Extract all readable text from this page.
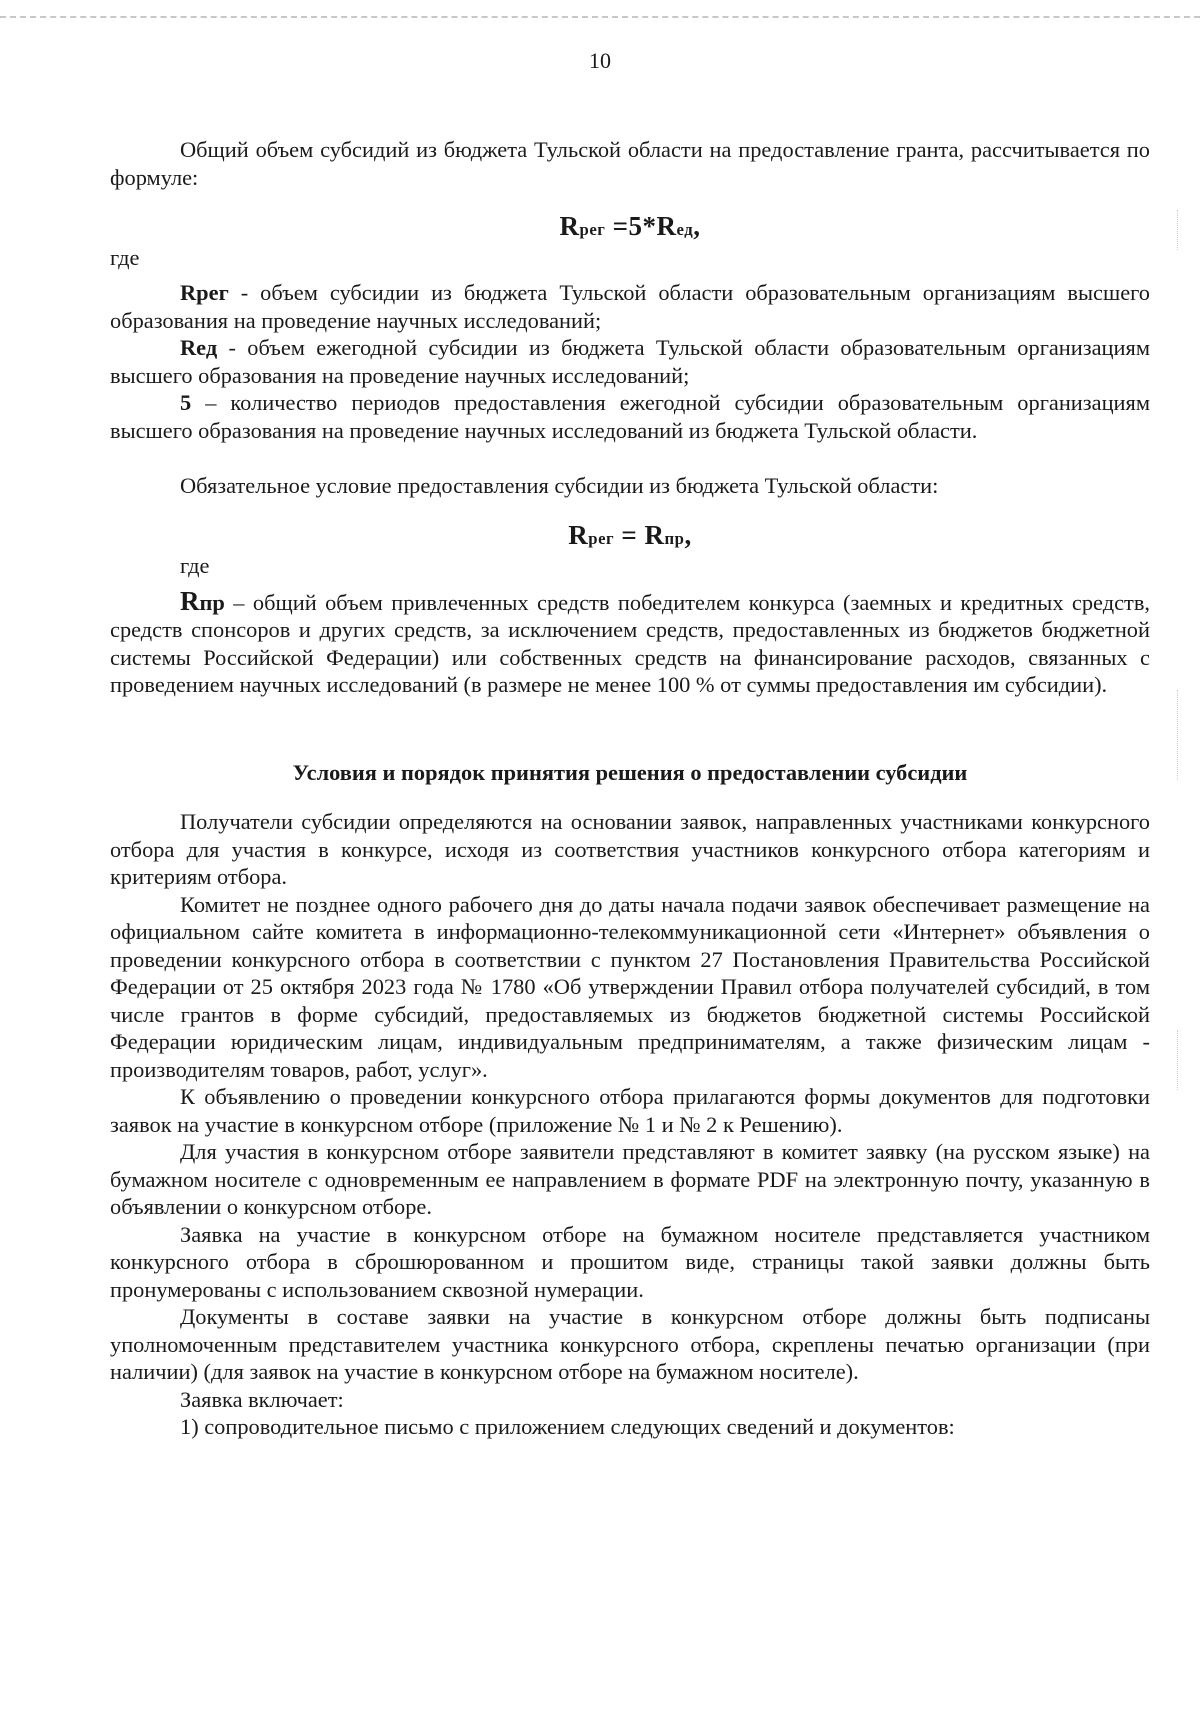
10

Общий объем субсидий из бюджета Тульской области на предоставление гранта, рассчитывается по формуле:

Rрег =5*Rед,

где

Rрег - объем субсидии из бюджета Тульской области образовательным организациям высшего образования на проведение научных исследований;

Rед - объем ежегодной субсидии из бюджета Тульской области образовательным организациям высшего образования на проведение научных исследований;

5 – количество периодов предоставления ежегодной субсидии образовательным организациям высшего образования на проведение научных исследований из бюджета Тульской области.

Обязательное условие предоставления субсидии из бюджета Тульской области:

Rрег = Rпр,

где

Rпр – общий объем привлеченных средств победителем конкурса (заемных и кредитных средств, средств спонсоров и других средств, за исключением средств, предоставленных из бюджетов бюджетной системы Российской Федерации) или собственных средств на финансирование расходов, связанных с проведением научных исследований (в размере не менее 100 % от суммы предоставления им субсидии).

Условия и порядок принятия решения о предоставлении субсидии

Получатели субсидии определяются на основании заявок, направленных участниками конкурсного отбора для участия в конкурсе, исходя из соответствия участников конкурсного отбора категориям и критериям отбора.

Комитет не позднее одного рабочего дня до даты начала подачи заявок обеспечивает размещение на официальном сайте комитета в информационно-телекоммуникационной сети «Интернет» объявления о проведении конкурсного отбора в соответствии с пунктом 27 Постановления Правительства Российской Федерации от 25 октября 2023 года № 1780 «Об утверждении Правил отбора получателей субсидий, в том числе грантов в форме субсидий, предоставляемых из бюджетов бюджетной системы Российской Федерации юридическим лицам, индивидуальным предпринимателям, а также физическим лицам - производителям товаров, работ, услуг».

К объявлению о проведении конкурсного отбора прилагаются формы документов для подготовки заявок на участие в конкурсном отборе (приложение № 1 и № 2 к Решению).

Для участия в конкурсном отборе заявители представляют в комитет заявку (на русском языке) на бумажном носителе с одновременным ее направлением в формате PDF на электронную почту, указанную в объявлении о конкурсном отборе.

Заявка на участие в конкурсном отборе на бумажном носителе представляется участником конкурсного отбора в сброшюрованном и прошитом виде, страницы такой заявки должны быть пронумерованы с использованием сквозной нумерации.

Документы в составе заявки на участие в конкурсном отборе должны быть подписаны уполномоченным представителем участника конкурсного отбора, скреплены печатью организации (при наличии) (для заявок на участие в конкурсном отборе на бумажном носителе).

Заявка включает:

1) сопроводительное письмо с приложением следующих сведений и документов:
